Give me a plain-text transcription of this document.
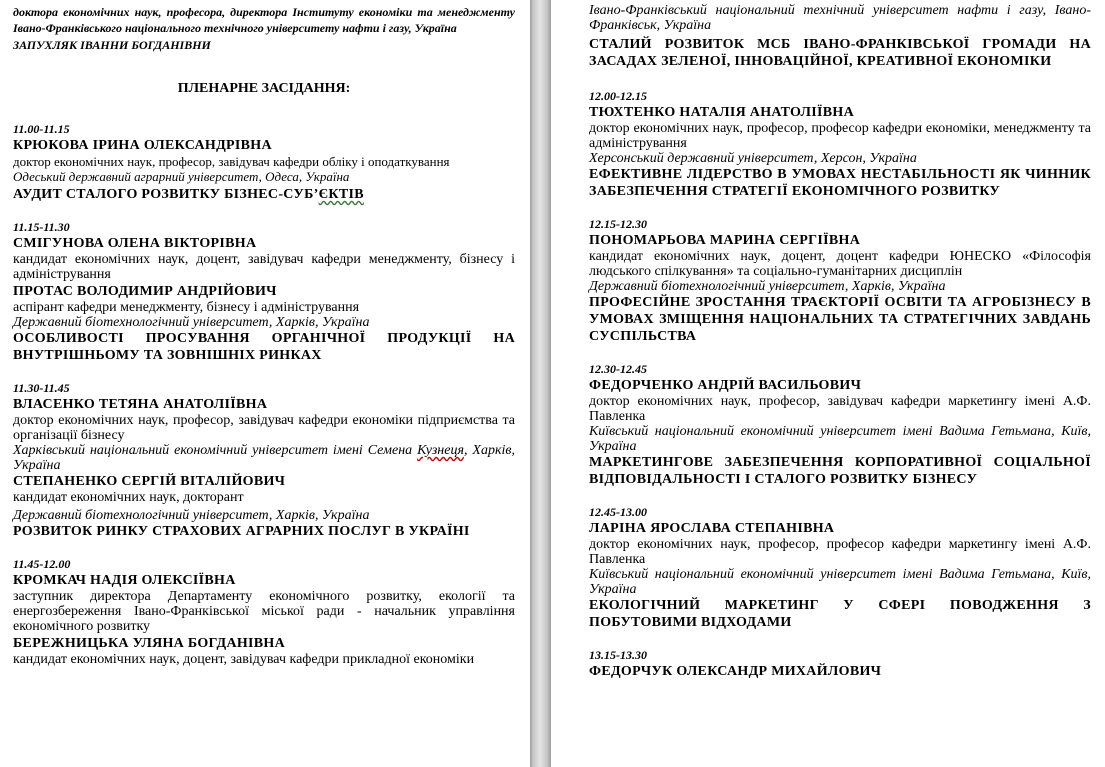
доктора економічних наук, професора, директора Інституту економіки та менеджменту Івано-Франківського національного технічного університету нафти і газу, Україна

ЗАПУХЛЯК ІВАННИ БОГДАНІВНИ

ПЛЕНАРНЕ ЗАСІДАННЯ:

11.00-11.15

КРЮКОВА ІРИНА ОЛЕКСАНДРІВНА

доктор економічних наук, професор, завідувач кафедри обліку і оподаткування

Одеський державний аграрний університет, Одеса, Україна

АУДИТ СТАЛОГО РОЗВИТКУ БІЗНЕС-СУБ’ЄКТІВ

11.15-11.30

СМІГУНОВА ОЛЕНА ВІКТОРІВНА

кандидат економічних наук, доцент, завідувач кафедри менеджменту, бізнесу і адміністрування

ПРОТАС ВОЛОДИМИР АНДРІЙОВИЧ

аспірант кафедри менеджменту, бізнесу і адміністрування

Державний біотехнологічний університет, Харків, Україна

ОСОБЛИВОСТІ ПРОСУВАННЯ ОРГАНІЧНОЇ ПРОДУКЦІЇ НА ВНУТРІШНЬОМУ ТА ЗОВНІШНІХ РИНКАХ

11.30-11.45

ВЛАСЕНКО ТЕТЯНА АНАТОЛІЇВНА

доктор економічних наук, професор, завідувач кафедри економіки підприємства та організації бізнесу

Харківський національний економічний університет імені Семена Кузнеця, Харків, Україна

СТЕПАНЕНКО СЕРГІЙ ВІТАЛІЙОВИЧ

кандидат економічних наук, докторант

Державний біотехнологічний університет, Харків, Україна

РОЗВИТОК РИНКУ СТРАХОВИХ АГРАРНИХ ПОСЛУГ В УКРАЇНІ

11.45-12.00

КРОМКАЧ НАДІЯ ОЛЕКСІЇВНА

заступник директора Департаменту економічного розвитку, екології та енергозбереження Івано-Франківської міської ради - начальник управління економічного розвитку

БЕРЕЖНИЦЬКА УЛЯНА БОГДАНІВНА

кандидат економічних наук, доцент, завідувач кафедри прикладної економіки

Івано-Франківський національний технічний університет нафти і газу, Івано-Франківськ, Україна

СТАЛИЙ РОЗВИТОК МСБ ІВАНО-ФРАНКІВСЬКОЇ ГРОМАДИ НА ЗАСАДАХ ЗЕЛЕНОЇ, ІННОВАЦІЙНОЇ, КРЕАТИВНОЇ ЕКОНОМІКИ

12.00-12.15

ТЮХТЕНКО НАТАЛІЯ АНАТОЛІЇВНА

доктор економічних наук, професор, професор кафедри економіки, менеджменту та адміністрування

Херсонський державний університет, Херсон, Україна

ЕФЕКТИВНЕ ЛІДЕРСТВО В УМОВАХ НЕСТАБІЛЬНОСТІ ЯК ЧИННИК ЗАБЕЗПЕЧЕННЯ СТРАТЕГІЇ ЕКОНОМІЧНОГО РОЗВИТКУ

12.15-12.30

ПОНОМАРЬОВА МАРИНА СЕРГІЇВНА

кандидат економічних наук, доцент, доцент кафедри ЮНЕСКО «Філософія людського спілкування» та соціально-гуманітарних дисциплін

Державний біотехнологічний університет, Харків, Україна

ПРОФЕСІЙНЕ ЗРОСТАННЯ ТРАЄКТОРІЇ ОСВІТИ ТА АГРОБІЗНЕСУ В УМОВАХ ЗМІЩЕННЯ НАЦІОНАЛЬНИХ ТА СТРАТЕГІЧНИХ ЗАВДАНЬ СУСПІЛЬСТВА

12.30-12.45

ФЕДОРЧЕНКО АНДРІЙ ВАСИЛЬОВИЧ

доктор економічних наук, професор, завідувач кафедри маркетингу імені А.Ф. Павленка

Київський національний економічний університет імені Вадима Гетьмана, Київ, Україна

МАРКЕТИНГОВЕ ЗАБЕЗПЕЧЕННЯ КОРПОРАТИВНОЇ СОЦІАЛЬНОЇ ВІДПОВІДАЛЬНОСТІ І СТАЛОГО РОЗВИТКУ БІЗНЕСУ

12.45-13.00

ЛАРІНА ЯРОСЛАВА СТЕПАНІВНА

доктор економічних наук, професор, професор кафедри маркетингу імені А.Ф. Павленка

Київський національний економічний університет імені Вадима Гетьмана, Київ, Україна

ЕКОЛОГІЧНИЙ МАРКЕТИНГ У СФЕРІ ПОВОДЖЕННЯ З ПОБУТОВИМИ ВІДХОДАМИ

13.15-13.30

ФЕДОРЧУК ОЛЕКСАНДР МИХАЙЛОВИЧ
